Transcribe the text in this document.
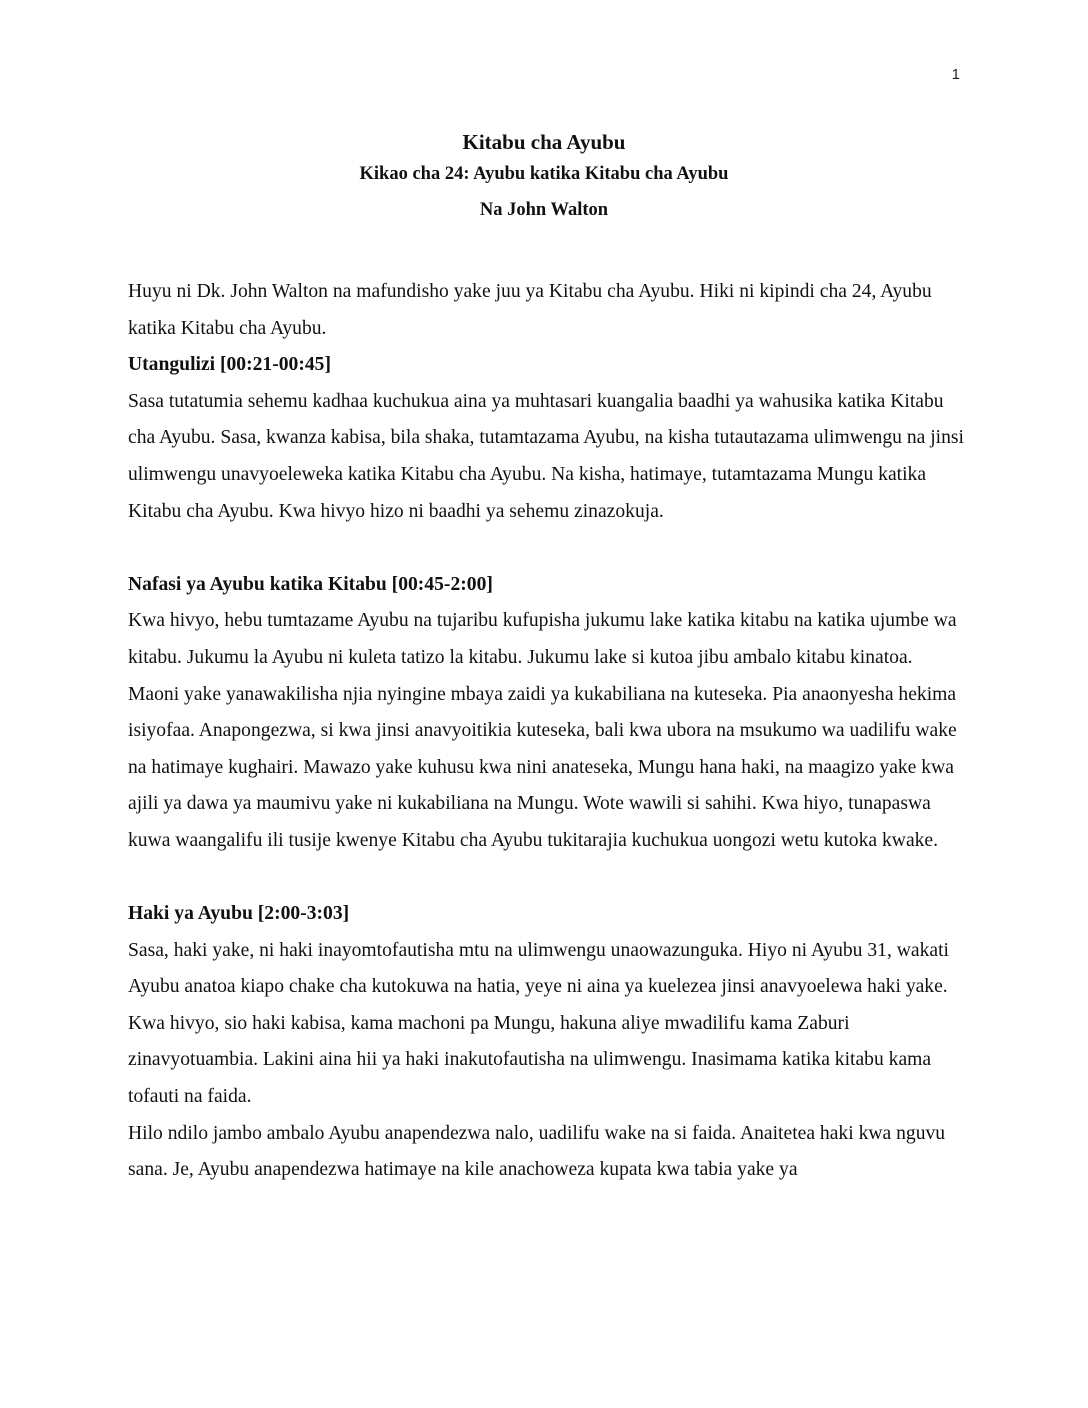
1

Kitabu cha Ayubu

Kikao cha 24: Ayubu katika Kitabu cha Ayubu

Na John Walton

Huyu ni Dk. John Walton na mafundisho yake juu ya Kitabu cha Ayubu. Hiki ni kipindi cha 24, Ayubu katika Kitabu cha Ayubu.

Utangulizi [00:21-00:45]

Sasa tutatumia sehemu kadhaa kuchukua aina ya muhtasari kuangalia baadhi ya wahusika katika Kitabu cha Ayubu. Sasa, kwanza kabisa, bila shaka, tutamtazama Ayubu, na kisha tutautazama ulimwengu na jinsi ulimwengu unavyoeleweka katika Kitabu cha Ayubu. Na kisha, hatimaye, tutamtazama Mungu katika Kitabu cha Ayubu. Kwa hivyo hizo ni baadhi ya sehemu zinazokuja.

Nafasi ya Ayubu katika Kitabu [00:45-2:00]

Kwa hivyo, hebu tumtazame Ayubu na tujaribu kufupisha jukumu lake katika kitabu na katika ujumbe wa kitabu. Jukumu la Ayubu ni kuleta tatizo la kitabu. Jukumu lake si kutoa jibu ambalo kitabu kinatoa. Maoni yake yanawakilisha njia nyingine mbaya zaidi ya kukabiliana na kuteseka. Pia anaonyesha hekima isiyofaa. Anapongezwa, si kwa jinsi anavyoitikia kuteseka, bali kwa ubora na msukumo wa uadilifu wake na hatimaye kughairi. Mawazo yake kuhusu kwa nini anateseka, Mungu hana haki, na maagizo yake kwa ajili ya dawa ya maumivu yake ni kukabiliana na Mungu. Wote wawili si sahihi. Kwa hiyo, tunapaswa kuwa waangalifu ili tusije kwenye Kitabu cha Ayubu tukitarajia kuchukua uongozi wetu kutoka kwake.

Haki ya Ayubu [2:00-3:03]

Sasa, haki yake, ni haki inayomtofautisha mtu na ulimwengu unaowazunguka. Hiyo ni Ayubu 31, wakati Ayubu anatoa kiapo chake cha kutokuwa na hatia, yeye ni aina ya kuelezea jinsi anavyoelewa haki yake. Kwa hivyo, sio haki kabisa, kama machoni pa Mungu, hakuna aliye mwadilifu kama Zaburi zinavyotuambia. Lakini aina hii ya haki inakutofautisha na ulimwengu. Inasimama katika kitabu kama tofauti na faida.

Hilo ndilo jambo ambalo Ayubu anapendezwa nalo, uadilifu wake na si faida. Anaitetea haki kwa nguvu sana. Je, Ayubu anapendezwa hatimaye na kile anachoweza kupata kwa tabia yake ya
